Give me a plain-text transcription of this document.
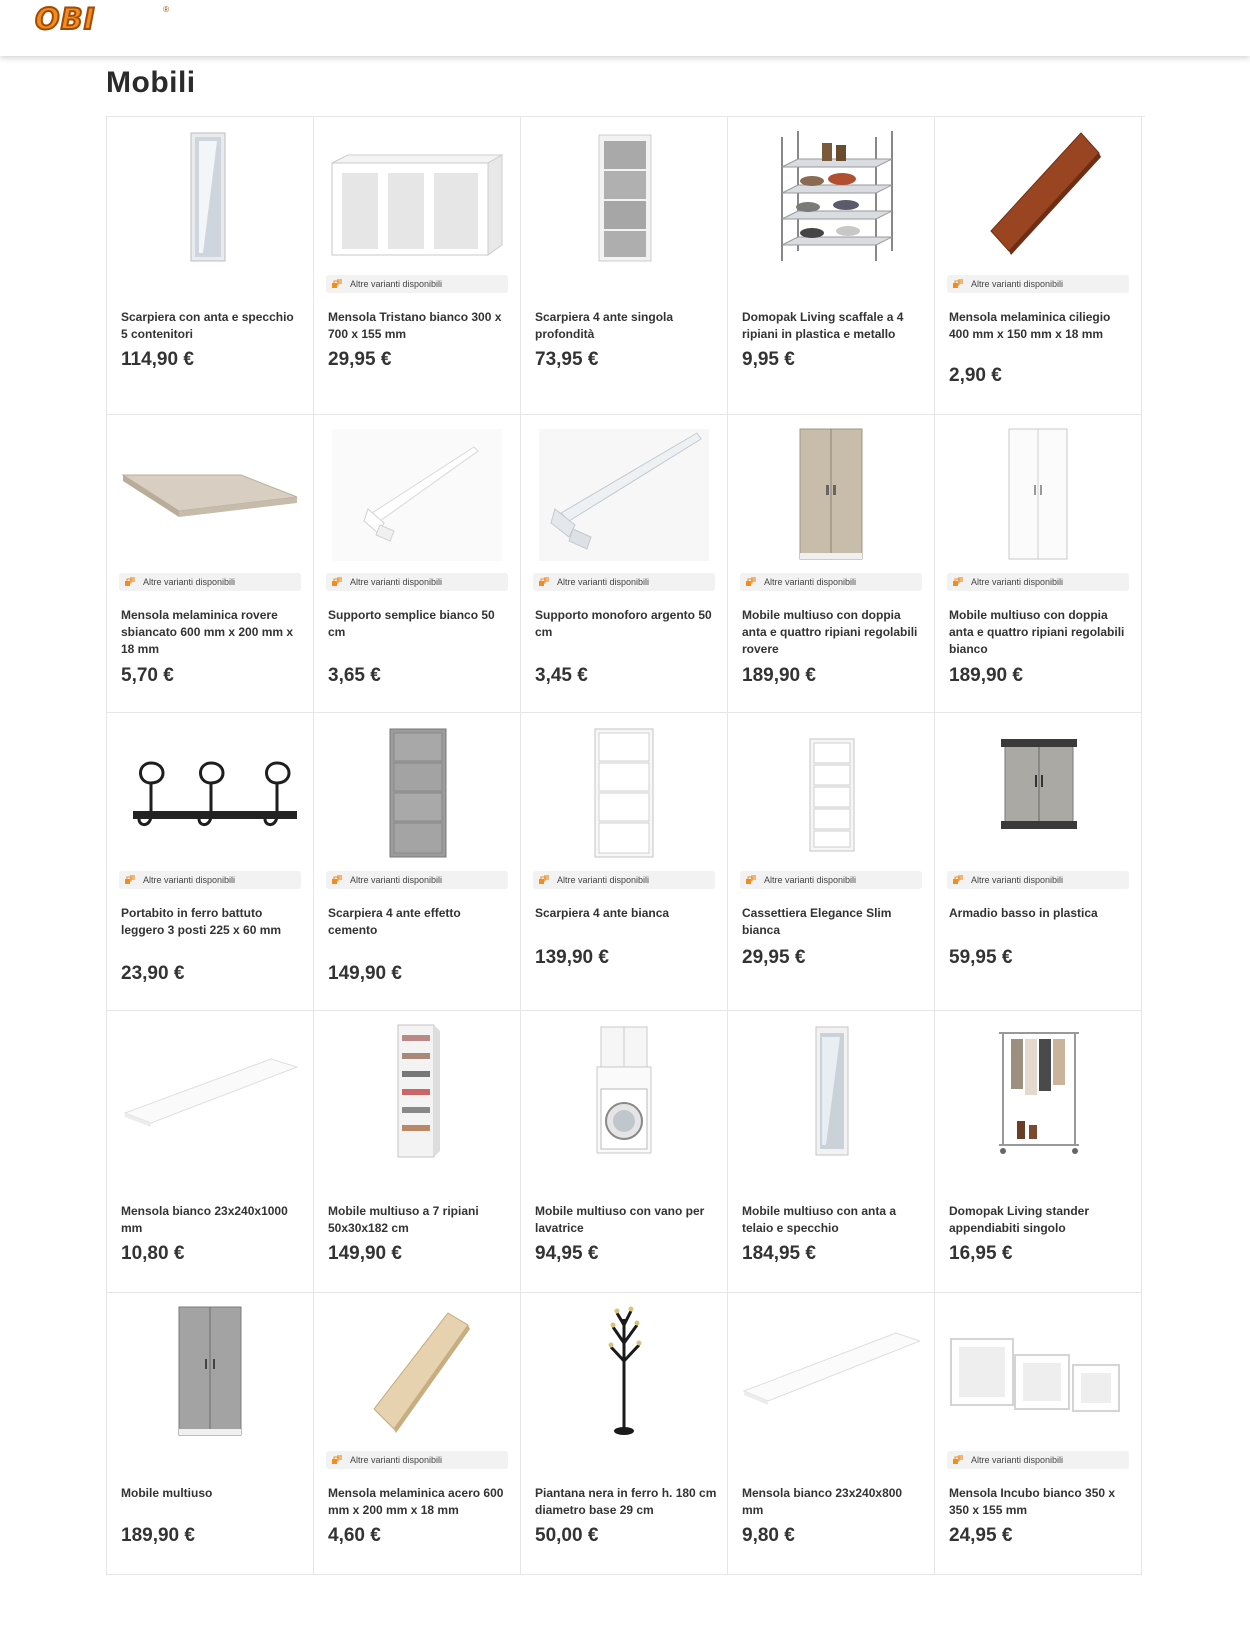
OBI	®
Mobili
Scarpiera con anta e specchio 5 contenitori
114,90 €
Altre varianti disponibili
Mensola Tristano bianco 300 x 700 x 155 mm
29,95 €
Scarpiera 4 ante singola profondità
73,95 €
Domopak Living scaffale a 4 ripiani in plastica e metallo
9,95 €
Altre varianti disponibili
Mensola melaminica ciliegio 400 mm x 150 mm x 18 mm
2,90 €
Altre varianti disponibili
Mensola melaminica rovere sbiancato 600 mm x 200 mm x 18 mm
5,70 €
Altre varianti disponibili
Supporto semplice bianco 50 cm
3,65 €
Altre varianti disponibili
Supporto monoforo argento 50 cm
3,45 €
Altre varianti disponibili
Mobile multiuso con doppia anta e quattro ripiani regolabili rovere
189,90 €
Altre varianti disponibili
Mobile multiuso con doppia anta e quattro ripiani regolabili bianco
189,90 €
Altre varianti disponibili
Portabito in ferro battuto leggero 3 posti 225 x 60 mm
23,90 €
Altre varianti disponibili
Scarpiera 4 ante effetto cemento
149,90 €
Altre varianti disponibili
Scarpiera 4 ante bianca
139,90 €
Altre varianti disponibili
Cassettiera Elegance Slim bianca
29,95 €
Altre varianti disponibili
Armadio basso in plastica
59,95 €
Mensola bianco 23x240x1000 mm
10,80 €
Mobile multiuso a 7 ripiani 50x30x182 cm
149,90 €
Mobile multiuso con vano per lavatrice
94,95 €
Mobile multiuso con anta a telaio e specchio
184,95 €
Domopak Living stander appendiabiti singolo
16,95 €
Mobile multiuso
189,90 €
Altre varianti disponibili
Mensola melaminica acero 600 mm x 200 mm x 18 mm
4,60 €
Piantana nera in ferro h. 180 cm diametro base 29 cm
50,00 €
Mensola bianco 23x240x800 mm
9,80 €
Altre varianti disponibili
Mensola Incubo bianco 350 x 350 x 155 mm
24,95 €
